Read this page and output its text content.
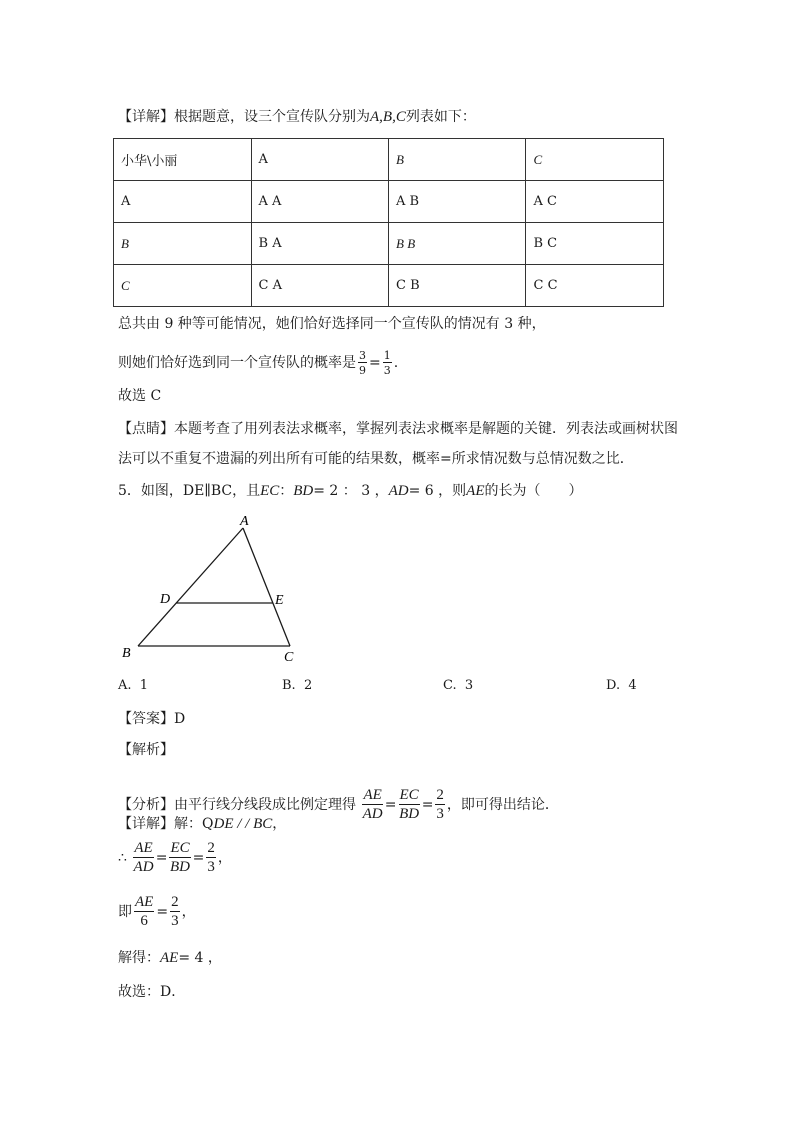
【详解】根据题意，设三个宣传队分别为A,B,C列表如下：
小华\小丽	A	B	C
A	A A	A B	A C
B	B A	B B	B C
C	C A	C B	C C
总共由 9 种等可能情况，她们恰好选择同一个宣传队的情况有 3 种，
则她们恰好选到同一个宣传队的概率是 $\frac{3}{9} = \frac{1}{3}$ .
故选 C
【点睛】本题考查了用列表法求概率，掌握列表法求概率是解题的关键．列表法或画树状图
法可以不重复不遗漏的列出所有可能的结果数，概率=所求情况数与总情况数之比．
5．如图，DE∥BC，且EC：BD= 2 ： 3 ，AD= 6 ，则AE的长为（　　）
A
D	E
B	C
A. 1	B. 2	C. 3	D. 4
【答案】D
【解析】
【分析】由平行线分线段成比例定理得 $\frac{AE}{AD} = \frac{EC}{BD} = \frac{2}{3}$ ，即可得出结论．
【详解】解：QDE / / BC，
∴ $\frac{AE}{AD} = \frac{EC}{BD} = \frac{2}{3}$ ，
即 $\frac{AE}{6} = \frac{2}{3}$ ，
解得：AE= 4 ，
故选：D．
